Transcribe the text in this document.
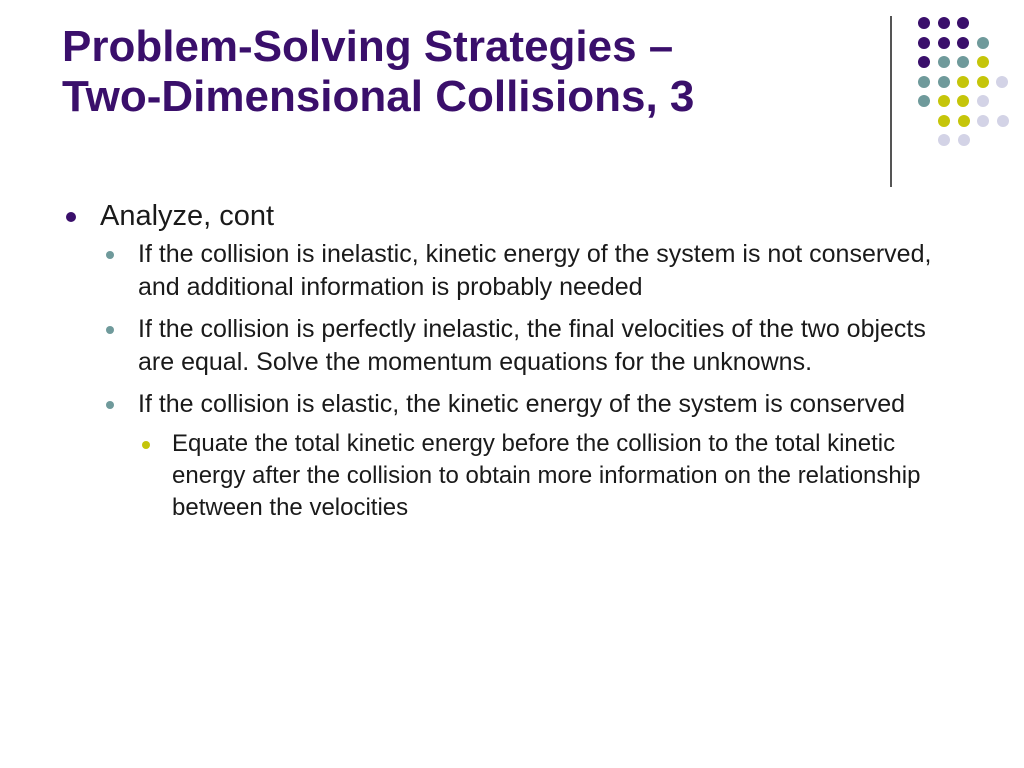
Problem-Solving Strategies –
Two-Dimensional Collisions, 3
Analyze, cont
If the collision is inelastic, kinetic energy of the system is not conserved, and additional information is probably needed
If the collision is perfectly inelastic, the final velocities of the two objects are equal. Solve the momentum equations for the unknowns.
If the collision is elastic, the kinetic energy of the system is conserved
Equate the total kinetic energy before the collision to the total kinetic energy after the collision to obtain more information on the relationship between the velocities
